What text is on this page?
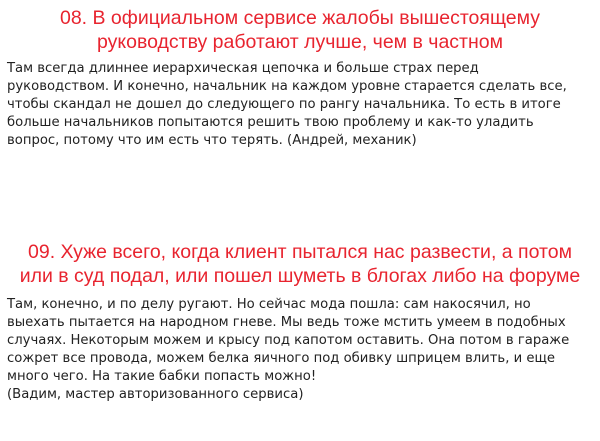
08. В официальном сервисе жалобы вышестоящему
руководству работают лучше, чем в частном

Там всегда длиннее иерархическая цепочка и больше страх перед
руководством. И конечно, начальник на каждом уровне старается сделать все,
чтобы скандал не дошел до следующего по рангу начальника. То есть в итоге
больше начальников попытаются решить твою проблему и как-то уладить
вопрос, потому что им есть что терять. (Андрей, механик)

09. Хуже всего, когда клиент пытался нас развести, а потом
или в суд подал, или пошел шуметь в блогах либо на форуме

Там, конечно, и по делу ругают. Но сейчас мода пошла: сам накосячил, но
выехать пытается на народном гневе. Мы ведь тоже мстить умеем в подобных
случаях. Некоторым можем и крысу под капотом оставить. Она потом в гараже
сожрет все провода, можем белка яичного под обивку шприцем влить, и еще
много чего. На такие бабки попасть можно!
(Вадим, мастер авторизованного сервиса)
